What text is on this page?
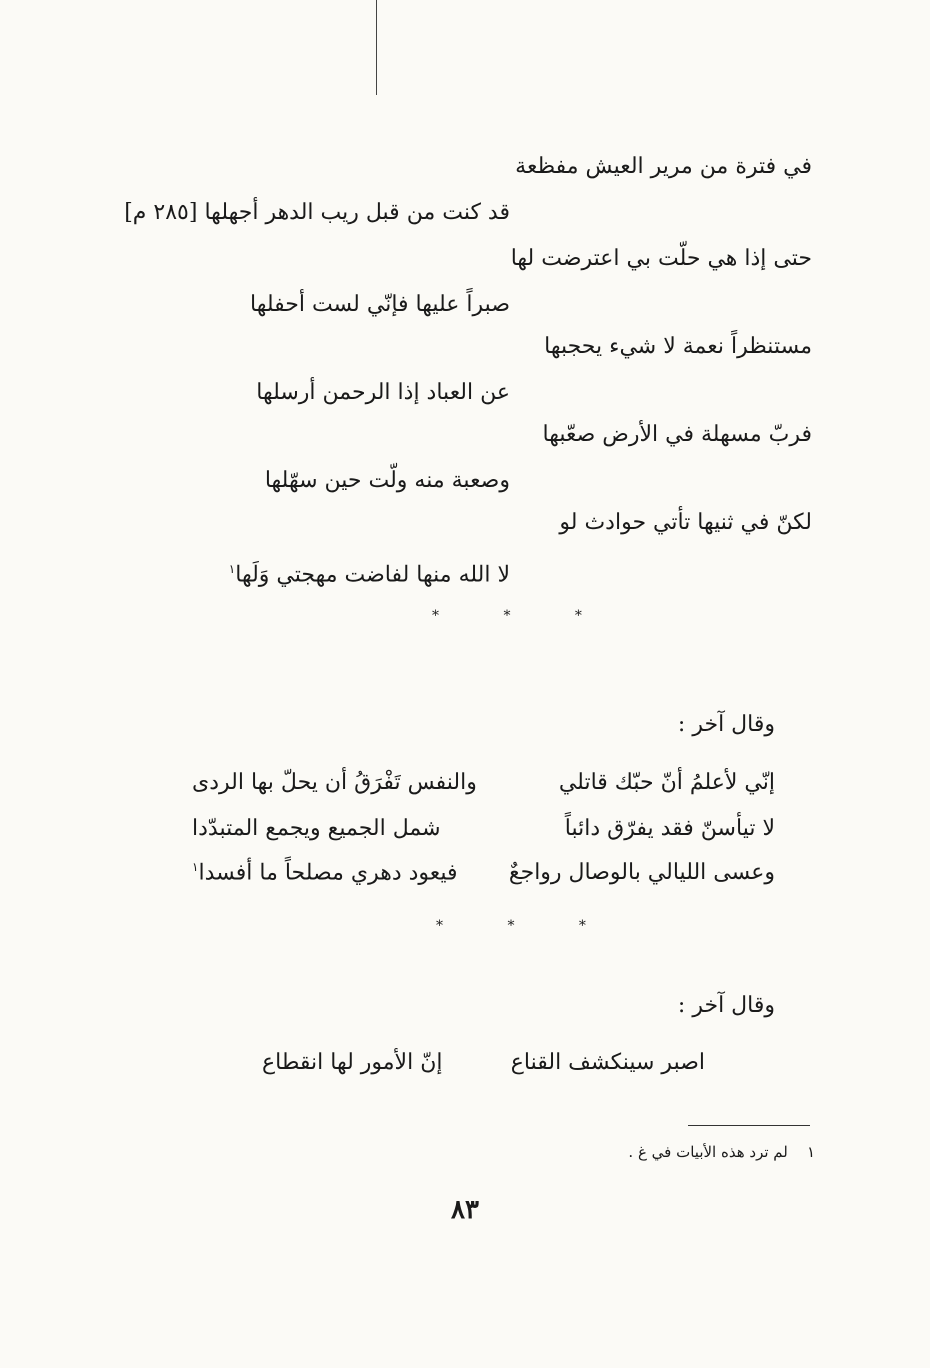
في فترة من مرير العيش مفظعة
قد كنت من قبل ريب الدهر أجهلها [٢٨٥ م]
حتى إذا هي حلّت بي اعترضت لها
صبراً عليها فإنّي لست أحفلها
مستنظراً نعمة لا شيء يحجبها
عن العباد إذا الرحمن أرسلها
فربّ مسهلة في الأرض صعّبها
وصعبة منه ولّت حين سهّلها
لكنّ في ثنيها تأتي حوادث لو
لا الله منها لفاضت مهجتي وَلَها$^١$
* * *
وقال آخر :
إنّي لأعلمُ أنّ حبّك قاتلي
والنفس تَفْرَقُ أن يحلّ بها الردى
لا تيأسنّ فقد يفرّق دائباً
شمل الجميع ويجمع المتبدّدا
وعسى الليالي بالوصال رواجعٌ
فيعود دهري مصلحاً ما أفسدا$^١$
* * *
وقال آخر :
اصبر سينكشف القناع
إنّ الأمور لها انقطاع
١    لم ترد هذه الأبيات في غ .
٨٣
